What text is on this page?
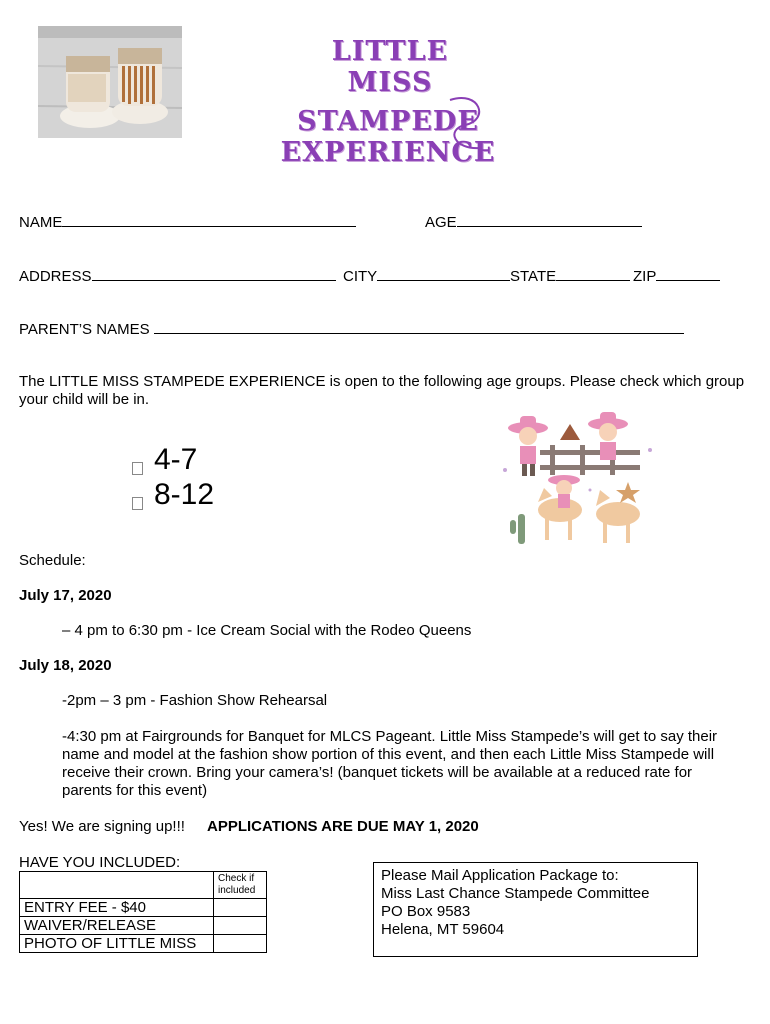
LITTLE MISS
STAMPEDE EXPERIENCE
NAME	AGE
ADDRESS	CITY	STATE	ZIP
PARENT’S NAMES
The LITTLE MISS STAMPEDE EXPERIENCE is open to the following age groups. Please check which group
your child will be in.
4-7
8-12
Schedule:
July 17, 2020
– 4 pm to 6:30 pm - Ice Cream Social with the Rodeo Queens
July 18, 2020
-2pm – 3 pm - Fashion Show Rehearsal
-4:30 pm at Fairgrounds for Banquet for MLCS Pageant. Little Miss Stampede’s will get to say their
name and model at the fashion show portion of this event, and then each Little Miss Stampede will
receive their crown. Bring your camera’s! (banquet tickets will be available at a reduced rate for
parents for this event)
Yes! We are signing up!!! APPLICATIONS ARE DUE MAY 1, 2020
HAVE YOU INCLUDED:
	Check if
included
ENTRY FEE - $40	
WAIVER/RELEASE	
PHOTO OF LITTLE MISS	
Please Mail Application Package to:
Miss Last Chance Stampede Committee
PO Box 9583
Helena, MT 59604
